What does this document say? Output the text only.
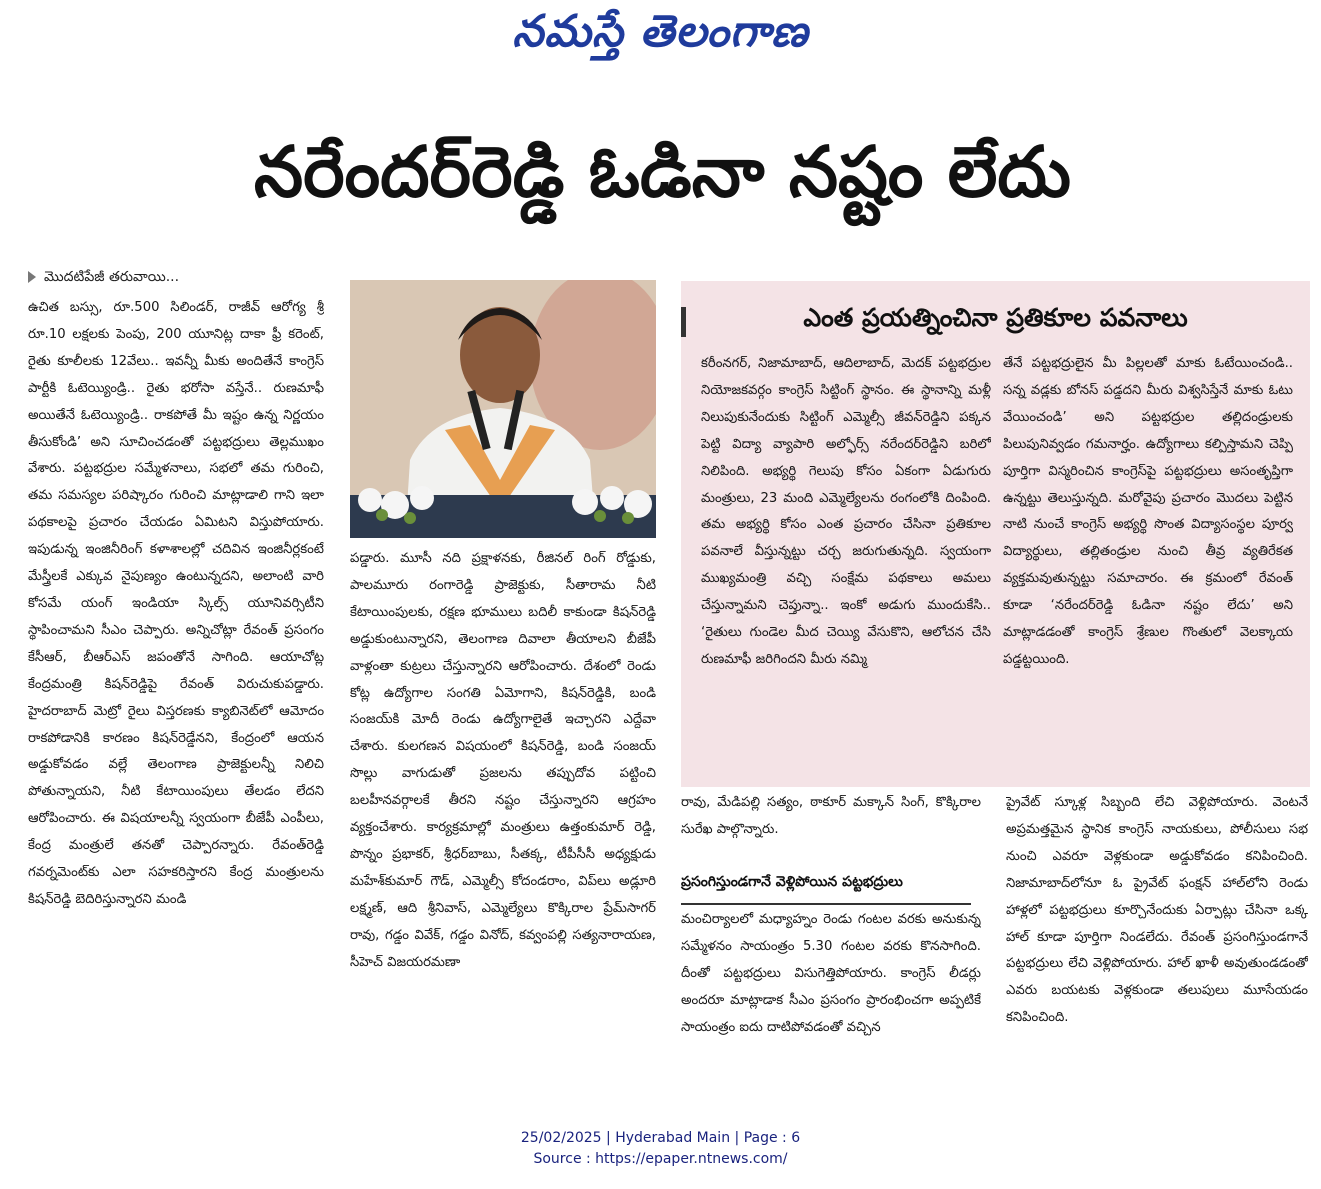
నమస్తే తెలంగాణ
నరేందర్‌రెడ్డి ఓడినా నష్టం లేదు
మొదటిపేజీ తరువాయి...

ఉచిత బస్సు, రూ.500 సిలిండర్, రాజీవ్ ఆరోగ్య శ్రీ రూ.10 లక్షలకు పెంపు, 200 యూనిట్ల దాకా ఫ్రీ కరెంట్, రైతు కూలీలకు 12వేలు.. ఇవన్నీ మీకు అందితేనే కాంగ్రెస్ పార్టీకి ఓటెయ్యిండ్రి.. రైతు భరోసా వస్తేనే.. రుణమాఫీ అయితేనే ఓటెయ్యిండ్రి.. రాకపోతే మీ ఇష్టం ఉన్న నిర్ణయం తీసుకోండి’ అని సూచించడంతో పట్టభద్రులు తెల్లముఖం వేశారు. పట్టభద్రుల సమ్మేళనాలు, సభలో తమ గురించి, తమ సమస్యల పరిష్కారం గురించి మాట్లాడాలి గాని ఇలా పథకాలపై ప్రచారం చేయడం ఏమిటని విస్తుపోయారు. ఇపుడున్న ఇంజినీరింగ్ కళాశాలల్లో చదివిన ఇంజినీర్లకంటే మేస్త్రీలకే ఎక్కువ నైపుణ్యం ఉంటున్నదని, అలాంటి వారి కోసమే యంగ్ ఇండియా స్కిల్స్ యూనివర్సిటీని స్థాపించామని సీఎం చెప్పారు. అన్నిచోట్లా రేవంత్ ప్రసంగం కేసీఆర్, బీఆర్ఎస్ జపంతోనే సాగింది. ఆయాచోట్ల కేంద్రమంత్రి కిషన్‌రెడ్డిపై రేవంత్ విరుచుకుపడ్డారు. హైదరాబాద్ మెట్రో రైలు విస్తరణకు క్యాబినెట్‌లో ఆమోదం రాకపోడానికి కారణం కిషన్‌రెడ్డేనని, కేంద్రంలో ఆయన అడ్డుకోవడం వల్లే తెలంగాణ ప్రాజెక్టులన్నీ నిలిచి పోతున్నాయని, నీటి కేటాయింపులు తేలడం లేదని ఆరోపించారు. ఈ విషయాలన్నీ స్వయంగా బీజేపీ ఎంపీలు, కేంద్ర మంత్రులే తనతో చెప్పారన్నారు. రేవంత్‌రెడ్డి గవర్నమెంట్‌కు ఎలా సహకరిస్తారని కేంద్ర మంత్రులను కిషన్‌రెడ్డి బెదిరిస్తున్నారని మండి

పడ్డారు. మూసీ నది ప్రక్షాళనకు, రీజినల్ రింగ్ రోడ్డుకు, పాలమూరు రంగారెడ్డి ప్రాజెక్టుకు, సీతారామ నీటి కేటాయింపులకు, రక్షణ భూములు బదిలీ కాకుండా కిషన్‌రెడ్డి అడ్డుకుంటున్నారని, తెలంగాణ దివాలా తీయాలని బీజేపీ వాళ్లంతా కుట్రలు చేస్తున్నారని ఆరోపించారు. దేశంలో రెండు కోట్ల ఉద్యోగాల సంగతి ఏమోగాని, కిషన్‌రెడ్డికి, బండి సంజయ్‌కి మోదీ రెండు ఉద్యోగాలైతే ఇచ్చారని ఎద్దేవా చేశారు. కులగణన విషయంలో కిషన్‌రెడ్డి, బండి సంజయ్ సొల్లు వాగుడుతో ప్రజలను తప్పుదోవ పట్టించి బలహీనవర్గాలకే తీరని నష్టం చేస్తున్నారని ఆగ్రహం వ్యక్తంచేశారు. కార్యక్రమాల్లో మంత్రులు ఉత్తంకుమార్ రెడ్డి, పొన్నం ప్రభాకర్, శ్రీధర్‌బాబు, సీతక్క, టీపీసీసీ అధ్యక్షుడు మహేశ్‌కుమార్ గౌడ్, ఎమ్మెల్సీ కోదండరాం, విప్‌లు అడ్లూరి లక్ష్మణ్, ఆది శ్రీనివాస్, ఎమ్మెల్యేలు కొక్కిరాల ప్రేమ్‌సాగర్ రావు, గడ్డం వివేక్, గడ్డం వినోద్, కవ్వంపల్లి సత్యనారాయణ, సీహెచ్ విజయరమణా

ఎంత ప్రయత్నించినా ప్రతికూల పవనాలు

కరీంనగర్, నిజామాబాద్, ఆదిలాబాద్, మెదక్ పట్టభద్రుల నియోజకవర్గం కాంగ్రెస్ సిట్టింగ్ స్థానం. ఈ స్థానాన్ని మళ్లీ నిలుపుకునేందుకు సిట్టింగ్ ఎమ్మెల్సీ జీవన్‌రెడ్డిని పక్కన పెట్టి విద్యా వ్యాపారి అల్ఫోర్స్ నరేందర్‌రెడ్డిని బరిలో నిలిపింది. అభ్యర్థి గెలుపు కోసం ఏకంగా ఏడుగురు మంత్రులు, 23 మంది ఎమ్మెల్యేలను రంగంలోకి దింపింది. తమ అభ్యర్థి కోసం ఎంత ప్రచారం చేసినా ప్రతికూల పవనాలే వీస్తున్నట్టు చర్చ జరుగుతున్నది. స్వయంగా ముఖ్యమంత్రి వచ్చి సంక్షేమ పథకాలు అమలు చేస్తున్నామని చెప్తున్నా.. ఇంకో అడుగు ముందుకేసి.. ‘రైతులు గుండెల మీద చెయ్యి వేసుకొని, ఆలోచన చేసి రుణమాఫీ జరిగిందని మీరు నమ్మి

తేనే పట్టభద్రులైన మీ పిల్లలతో మాకు ఓటేయించండి.. సన్న వడ్లకు బోనస్ పడ్డదని మీరు విశ్వసిస్తేనే మాకు ఓటు వేయించండి’ అని పట్టభద్రుల తల్లిదండ్రులకు పిలుపునివ్వడం గమనార్హం. ఉద్యోగాలు కల్పిస్తామని చెప్పి పూర్తిగా విస్మరించిన కాంగ్రెస్‌పై పట్టభద్రులు అసంతృప్తిగా ఉన్నట్టు తెలుస్తున్నది. మరోవైపు ప్రచారం మొదలు పెట్టిన నాటి నుంచే కాంగ్రెస్ అభ్యర్థి సొంత విద్యాసంస్థల పూర్వ విద్యార్థులు, తల్లితండ్రుల నుంచి తీవ్ర వ్యతిరేకత వ్యక్తమవుతున్నట్టు సమాచారం. ఈ క్రమంలో రేవంత్ కూడా ‘నరేందర్‌రెడ్డి ఓడినా నష్టం లేదు’ అని మాట్లాడడంతో కాంగ్రెస్ శ్రేణుల గొంతులో వెలక్కాయ పడ్డట్టయింది.

రావు, మేడిపల్లి సత్యం, ఠాకూర్ మక్కాన్ సింగ్, కొక్కిరాల సురేఖ పాల్గొన్నారు.

ప్రసంగిస్తుండగానే వెళ్లిపోయిన పట్టభద్రులు

మంచిర్యాలలో మధ్యాహ్నం రెండు గంటల వరకు అనుకున్న సమ్మేళనం సాయంత్రం 5.30 గంటల వరకు కొనసాగింది. దీంతో పట్టభద్రులు విసుగెత్తిపోయారు. కాంగ్రెస్ లీడర్లు అందరూ మాట్లాడాక సీఎం ప్రసంగం ప్రారంభించగా అప్పటికే సాయంత్రం ఐదు దాటిపోవడంతో వచ్చిన

ప్రైవేట్ స్కూళ్ల సిబ్బంది లేచి వెళ్లిపోయారు. వెంటనే అప్రమత్తమైన స్థానిక కాంగ్రెస్ నాయకులు, పోలీసులు సభ నుంచి ఎవరూ వెళ్లకుండా అడ్డుకోవడం కనిపించింది. నిజామాబాద్‌లోనూ ఓ ప్రైవేట్ ఫంక్షన్ హాల్‌లోని రెండు హాళ్లలో పట్టభద్రులు కూర్చొనేందుకు ఏర్పాట్లు చేసినా ఒక్క హాల్ కూడా పూర్తిగా నిండలేదు. రేవంత్ ప్రసంగిస్తుండగానే పట్టభద్రులు లేచి వెళ్లిపోయారు. హాల్ ఖాళీ అవుతుండడంతో ఎవరు బయటకు వెళ్లకుండా తలుపులు మూసేయడం కనిపించింది.

25/02/2025 | Hyderabad Main | Page : 6
Source : https://epaper.ntnews.com/
